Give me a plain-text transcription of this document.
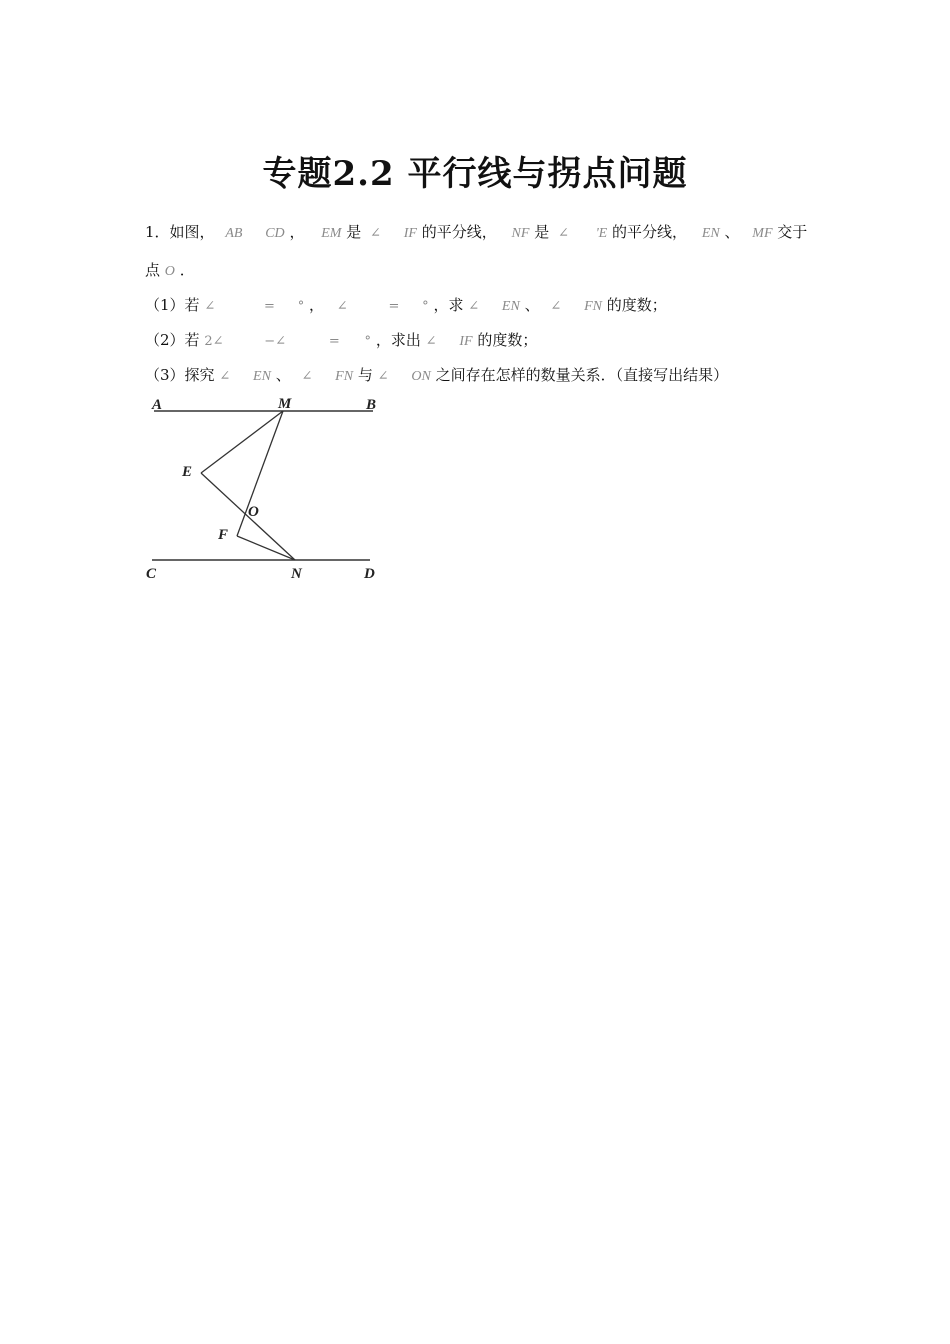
专题2.2 平行线与拐点问题
1．如图， AB CD ， EM 是 ∠ IF 的平分线， NF 是 ∠ 'E 的平分线， EN 、 MF 交于
点 O ．
（1）若 ∠	= ° ， ∠	= ° ，求 ∠ EN 、 ∠ FN 的度数；
（2）若 2∠	−∠	= ° ，求出 ∠ IF 的度数；
（3）探究 ∠ EN 、 ∠ FN 与 ∠ ON 之间存在怎样的数量关系．（直接写出结果）
A	M	B
E
O
F
C	N	D
